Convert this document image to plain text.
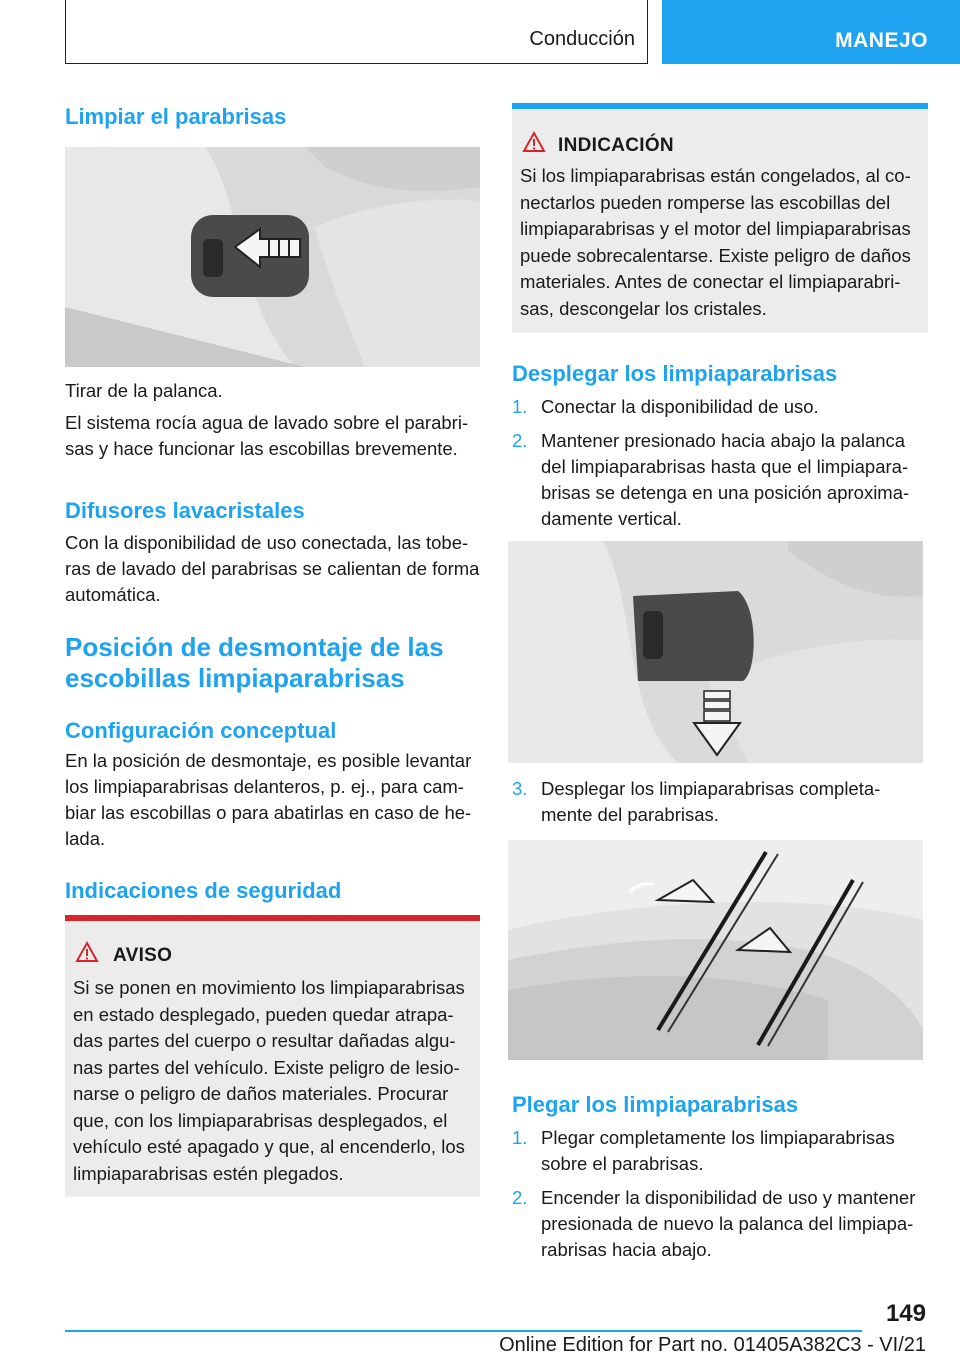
Conducción	MANEJO
Limpiar el parabrisas

Tirar de la palanca.

El sistema rocía agua de lavado sobre el parabri-sas y hace funcionar las escobillas brevemente.

Difusores lavacristales

Con la disponibilidad de uso conectada, las tobe-ras de lavado del parabrisas se calientan de forma automática.

Posición de desmontaje de las escobillas limpiaparabrisas
Configuración conceptual

En la posición de desmontaje, es posible levantar los limpiaparabrisas delanteros, p. ej., para cam-biar las escobillas o para abatirlas en caso de he-lada.

Indicaciones de seguridad
AVISO
Si se ponen en movimiento los limpiaparabrisas en estado desplegado, pueden quedar atrapa-das partes del cuerpo o resultar dañadas algu-nas partes del vehículo. Existe peligro de lesio-narse o peligro de daños materiales. Procurar que, con los limpiaparabrisas desplegados, el vehículo esté apagado y que, al encenderlo, los limpiaparabrisas estén plegados.
INDICACIÓN
Si los limpiaparabrisas están congelados, al co-nectarlos pueden romperse las escobillas del limpiaparabrisas y el motor del limpiaparabrisas puede sobrecalentarse. Existe peligro de daños materiales. Antes de conectar el limpiaparabri-sas, descongelar los cristales.
Desplegar los limpiaparabrisas
1. Conectar la disponibilidad de uso.
2. Mantener presionado hacia abajo la palanca del limpiaparabrisas hasta que el limpiapara-brisas se detenga en una posición aproxima-damente vertical.
3. Desplegar los limpiaparabrisas completa-mente del parabrisas.
Plegar los limpiaparabrisas
1. Plegar completamente los limpiaparabrisas sobre el parabrisas.
2. Encender la disponibilidad de uso y mantener presionada de nuevo la palanca del limpiapa-rabrisas hacia abajo.
149
Online Edition for Part no. 01405A382C3 - VI/21
